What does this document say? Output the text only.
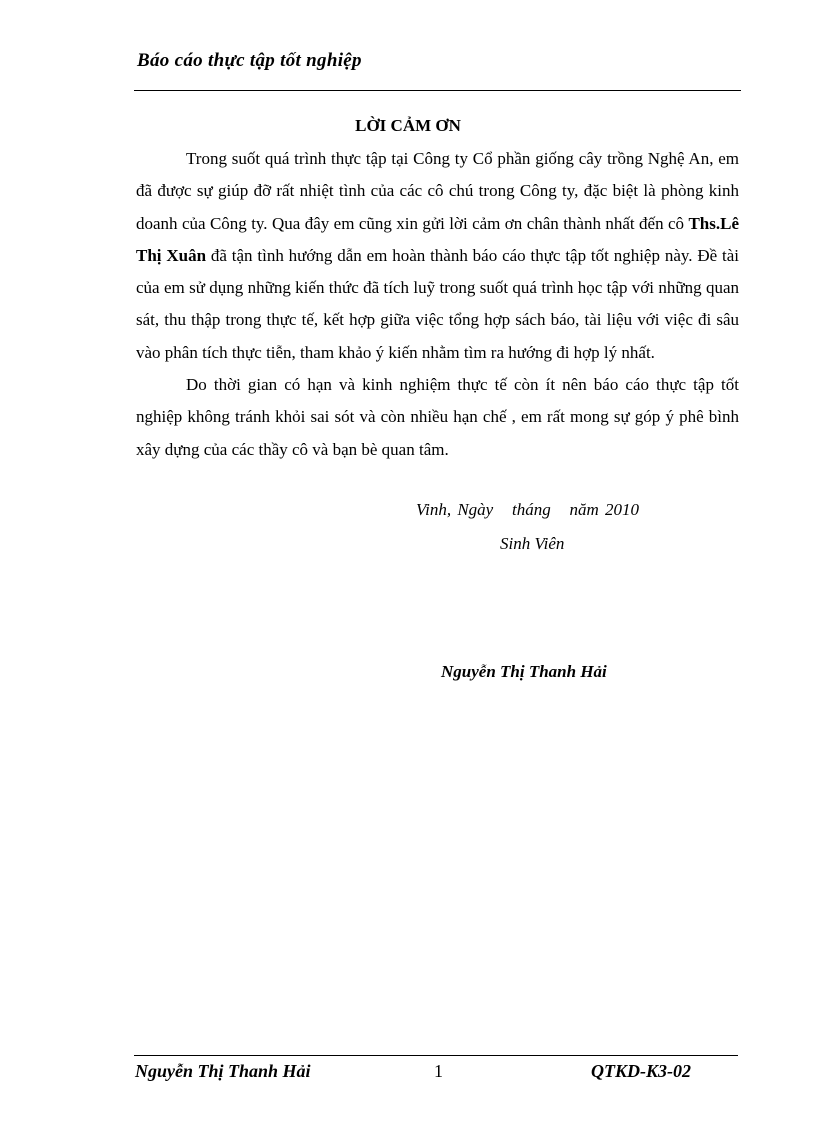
Báo cáo thực tập tốt nghiệp
LỜI CẢM ƠN

Trong suốt quá trình thực tập tại Công ty Cổ phần giống cây trồng Nghệ An, em đã được sự giúp đỡ rất nhiệt tình của các cô chú trong Công ty, đặc biệt là phòng kinh doanh của Công ty. Qua đây em cũng xin gửi lời cảm ơn chân thành nhất đến cô Ths.Lê Thị Xuân đã tận tình hướng dẫn em hoàn thành báo cáo thực tập tốt nghiệp này. Đề tài của em sử dụng những kiến thức đã tích luỹ trong suốt quá trình học tập với những quan sát, thu thập trong thực tế, kết hợp giữa việc tổng hợp sách báo, tài liệu với việc đi sâu vào phân tích thực tiễn, tham khảo ý kiến nhằm tìm ra hướng đi hợp lý nhất.

Do thời gian có hạn và kinh nghiệm thực tế còn ít nên báo cáo thực tập tốt nghiệp không tránh khỏi sai sót và còn nhiều hạn chế , em rất mong sự góp ý phê bình xây dựng của các thầy cô và bạn bè quan tâm.

Vinh, Ngày   tháng   năm 2010
Sinh Viên
Nguyễn Thị Thanh Hải
Nguyễn Thị Thanh Hải	1	QTKD-K3-02
